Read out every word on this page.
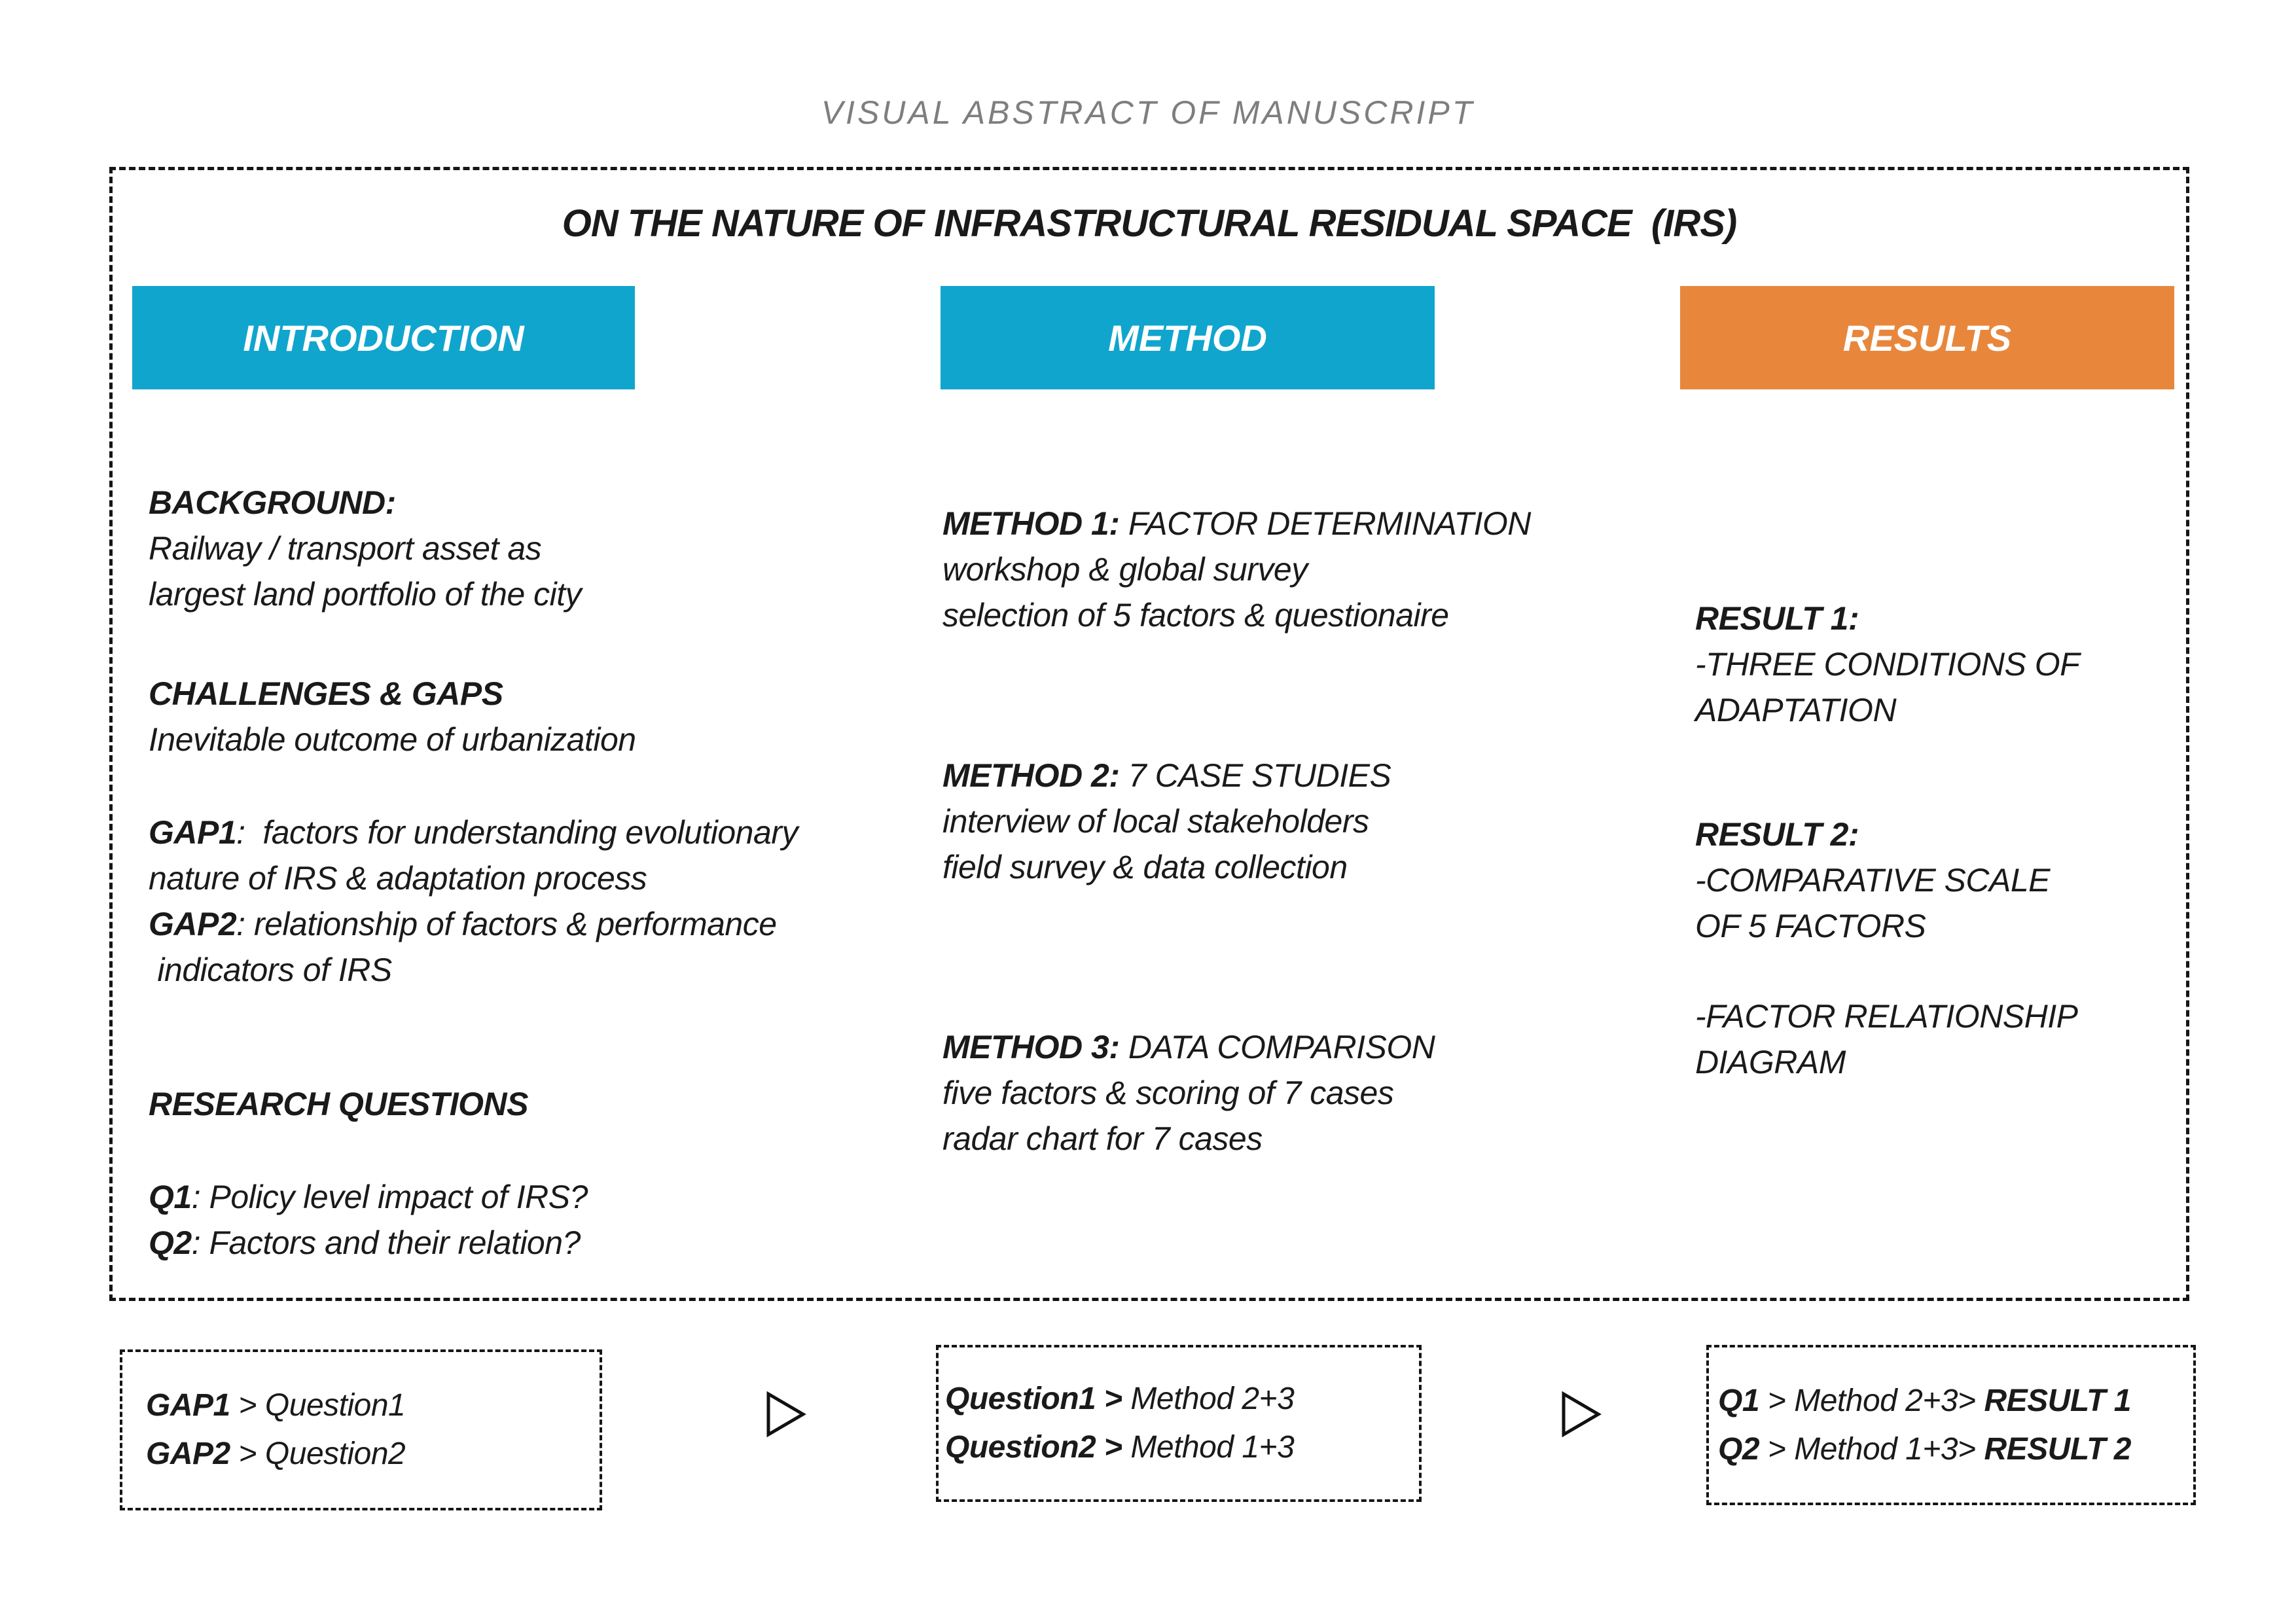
VISUAL ABSTRACT OF MANUSCRIPT
ON THE NATURE OF INFRASTRUCTURAL RESIDUAL SPACE  (IRS)
INTRODUCTION	METHOD	RESULTS
BACKGROUND:
Railway / transport asset as
largest land portfolio of the city
CHALLENGES & GAPS
Inevitable outcome of urbanization
GAP1:  factors for understanding evolutionary
nature of IRS & adaptation process
GAP2: relationship of factors & performance
indicators of IRS
RESEARCH QUESTIONS
Q1: Policy level impact of IRS?
Q2: Factors and their relation?
METHOD 1: FACTOR DETERMINATION
workshop & global survey
selection of 5 factors & questionaire
METHOD 2: 7 CASE STUDIES
interview of local stakeholders
field survey & data collection
METHOD 3: DATA COMPARISON
five factors & scoring of 7 cases
radar chart for 7 cases
RESULT 1:
-THREE CONDITIONS OF
ADAPTATION
RESULT 2:
-COMPARATIVE SCALE
OF 5 FACTORS
-FACTOR RELATIONSHIP
DIAGRAM
GAP1 > Question1
GAP2 > Question2
Question1 > Method 2+3
Question2 > Method 1+3
Q1 > Method 2+3> RESULT 1
Q2 > Method 1+3> RESULT 2
